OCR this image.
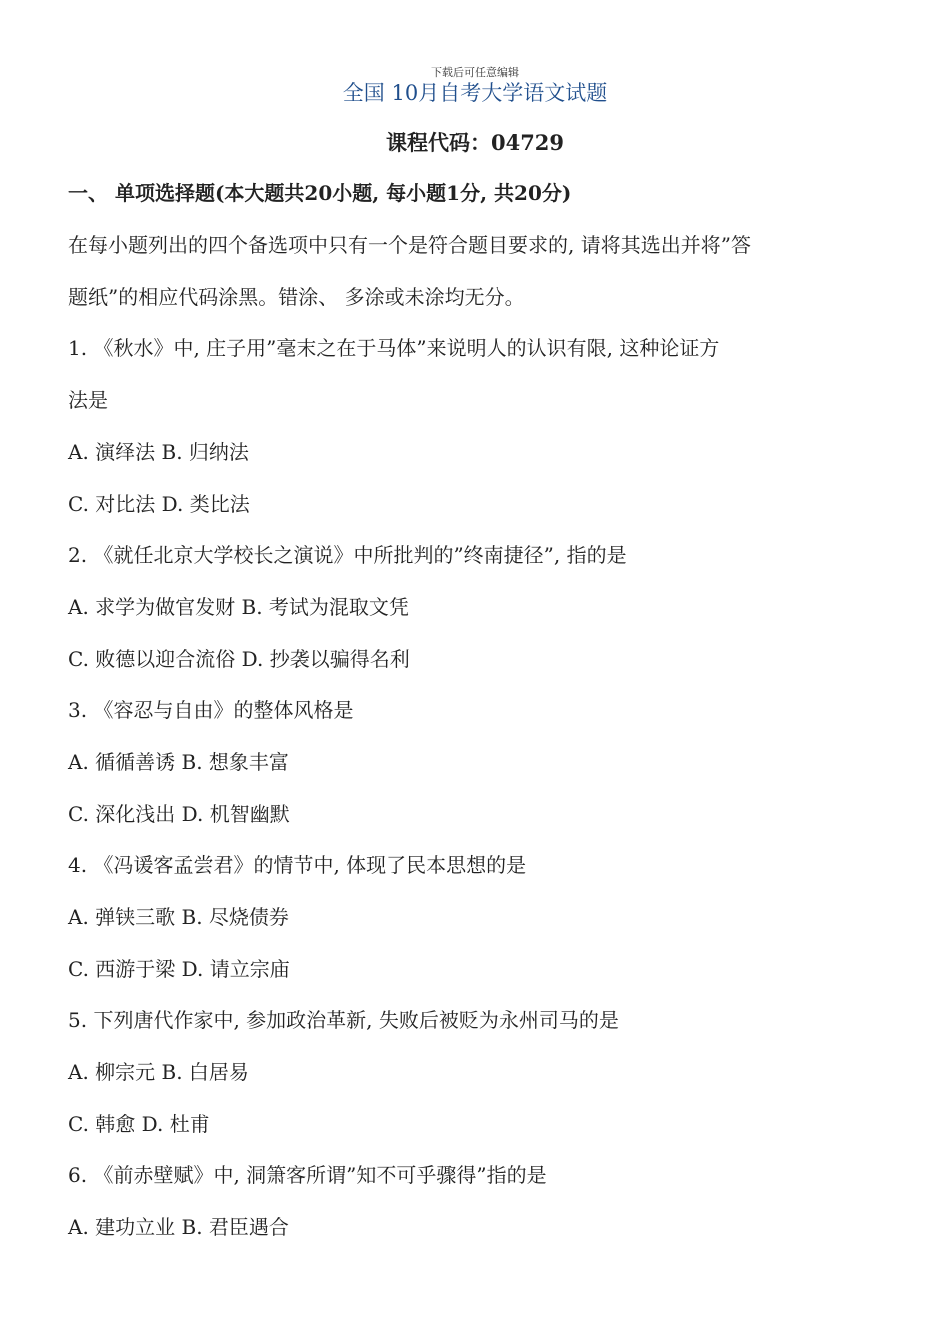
下载后可任意编辑
全国 10月自考大学语文试题
课程代码：04729
一、 单项选择题(本大题共20小题, 每小题1分, 共20分)
在每小题列出的四个备选项中只有一个是符合题目要求的, 请将其选出并将”答
题纸”的相应代码涂黑。错涂、 多涂或未涂均无分。
1. 《秋水》中, 庄子用”毫末之在于马体”来说明人的认识有限, 这种论证方
法是
A. 演绎法 B. 归纳法
C. 对比法 D. 类比法
2. 《就任北京大学校长之演说》中所批判的”终南捷径”, 指的是
A. 求学为做官发财 B. 考试为混取文凭
C. 败德以迎合流俗 D. 抄袭以骗得名利
3. 《容忍与自由》的整体风格是
A. 循循善诱 B. 想象丰富
C. 深化浅出 D. 机智幽默
4. 《冯谖客孟尝君》的情节中, 体现了民本思想的是
A. 弹铗三歌 B. 尽烧债券
C. 西游于梁 D. 请立宗庙
5. 下列唐代作家中, 参加政治革新, 失败后被贬为永州司马的是
A. 柳宗元 B. 白居易
C. 韩愈 D. 杜甫
6. 《前赤壁赋》中, 洞箫客所谓”知不可乎骤得”指的是
A. 建功立业 B. 君臣遇合
